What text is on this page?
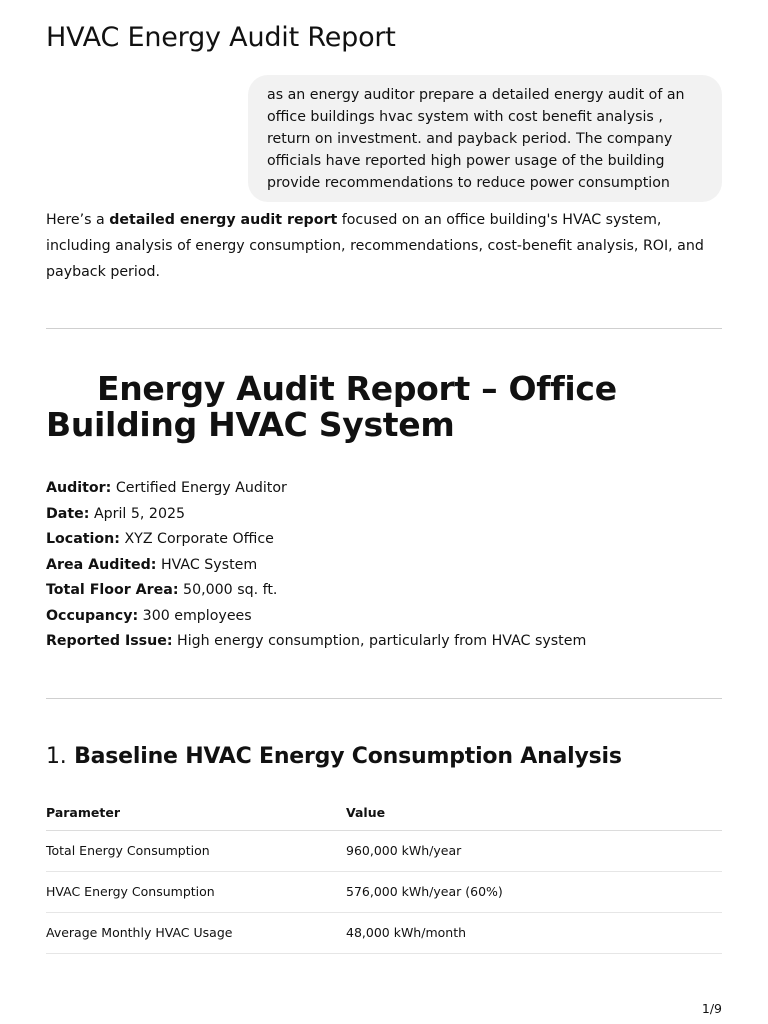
HVAC Energy Audit Report
as an energy auditor prepare a detailed energy audit of an office buildings hvac system with cost benefit analysis , return on investment. and payback period. The company officials have reported high power usage of the building provide recommendations to reduce power consumption

Here’s a detailed energy audit report focused on an office building's HVAC system, including analysis of energy consumption, recommendations, cost-benefit analysis, ROI, and payback period.

Energy Audit Report – Office Building HVAC System
Auditor: Certified Energy Auditor
Date: April 5, 2025
Location: XYZ Corporate Office
Area Audited: HVAC System
Total Floor Area: 50,000 sq. ft.
Occupancy: 300 employees
Reported Issue: High energy consumption, particularly from HVAC system
1. Baseline HVAC Energy Consumption Analysis
Parameter	Value
Total Energy Consumption	960,000 kWh/year
HVAC Energy Consumption	576,000 kWh/year (60%)
Average Monthly HVAC Usage	48,000 kWh/month
1/9
